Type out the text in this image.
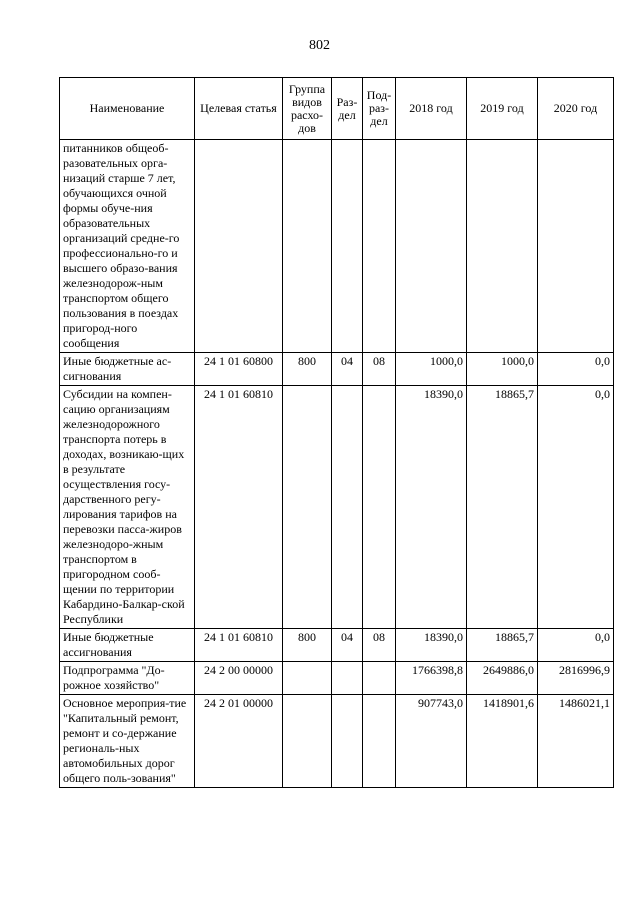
802
Наименование	Целевая статья	Группа видов расхо-дов	Раз-дел	Под-раз-дел	2018 год	2019 год	2020 год
питанников общеоб-разовательных орга-низаций старше 7 лет, обучающихся очной формы обуче-ния образовательных организаций средне-го профессионально-го и высшего образо-вания железнодорож-ным транспортом общего пользования в поездах пригород-ного сообщения							
Иные бюджетные ас-сигнования	24 1 01 60800	800	04	08	1000,0	1000,0	0,0
Субсидии на компен-сацию организациям железнодорожного транспорта потерь в доходах, возникаю-щих в результате осуществления госу-дарственного регу-лирования тарифов на перевозки пасса-жиров железнодоро-жным транспортом в пригородном сооб-щении по территории Кабардино-Балкар-ской Республики	24 1 01 60810				18390,0	18865,7	0,0
Иные бюджетные ассигнования	24 1 01 60810	800	04	08	18390,0	18865,7	0,0
Подпрограмма "До-рожное хозяйство"	24 2 00 00000				1766398,8	2649886,0	2816996,9
Основное мероприя-тие "Капитальный ремонт, ремонт и со-держание региональ-ных автомобильных дорог общего поль-зования"	24 2 01 00000				907743,0	1418901,6	1486021,1
